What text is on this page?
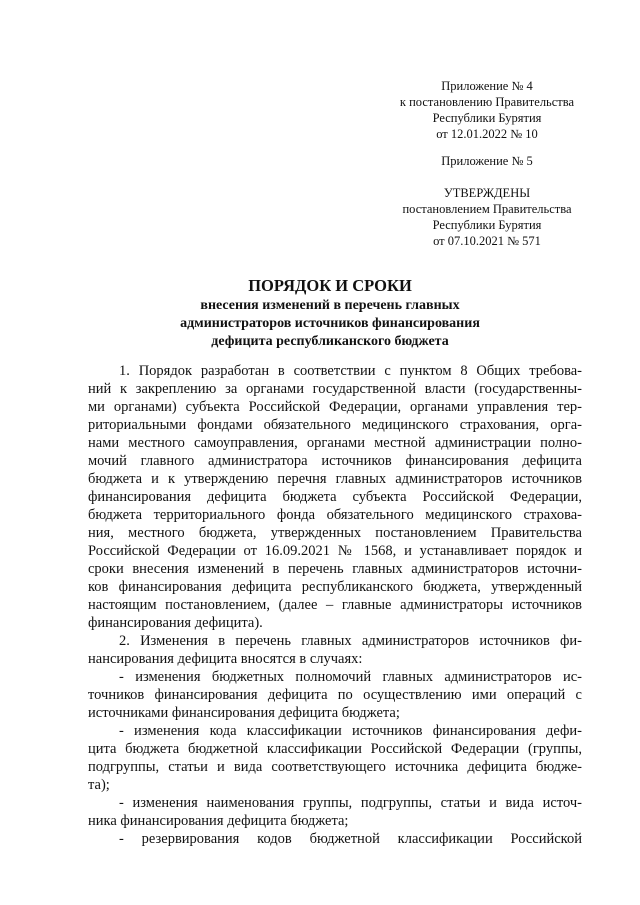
Приложение № 4
к постановлению Правительства
Республики Бурятия
от 12.01.2022 № 10
Приложение № 5
УТВЕРЖДЕНЫ
постановлением Правительства
Республики Бурятия
от 07.10.2021 № 571
ПОРЯДОК И СРОКИ
внесения изменений в перечень главных
администраторов источников финансирования
дефицита республиканского бюджета

1. Порядок разработан в соответствии с пунктом 8 Общих требова-

ний к закреплению за органами государственной власти (государственны-

ми органами) субъекта Российской Федерации, органами управления тер-

риториальными фондами обязательного медицинского страхования, орга-

нами местного самоуправления, органами местной администрации полно-

мочий главного администратора источников финансирования дефицита

бюджета и к утверждению перечня главных администраторов источников

финансирования дефицита бюджета субъекта Российской Федерации,

бюджета территориального фонда обязательного медицинского страхова-

ния, местного бюджета, утвержденных постановлением Правительства

Российской Федерации от 16.09.2021 № 1568, и устанавливает порядок и

сроки внесения изменений в перечень главных администраторов источни-

ков финансирования дефицита республиканского бюджета, утвержденный

настоящим постановлением, (далее – главные администраторы источников

финансирования дефицита).

2. Изменения в перечень главных администраторов источников фи-

нансирования дефицита вносятся в случаях:

- изменения бюджетных полномочий главных администраторов ис-

точников финансирования дефицита по осуществлению ими операций с

источниками финансирования дефицита бюджета;

- изменения кода классификации источников финансирования дефи-

цита бюджета бюджетной классификации Российской Федерации (группы,

подгруппы, статьи и вида соответствующего источника дефицита бюдже-

та);

- изменения наименования группы, подгруппы, статьи и вида источ-

ника финансирования дефицита бюджета;

- резервирования кодов бюджетной классификации Российской
